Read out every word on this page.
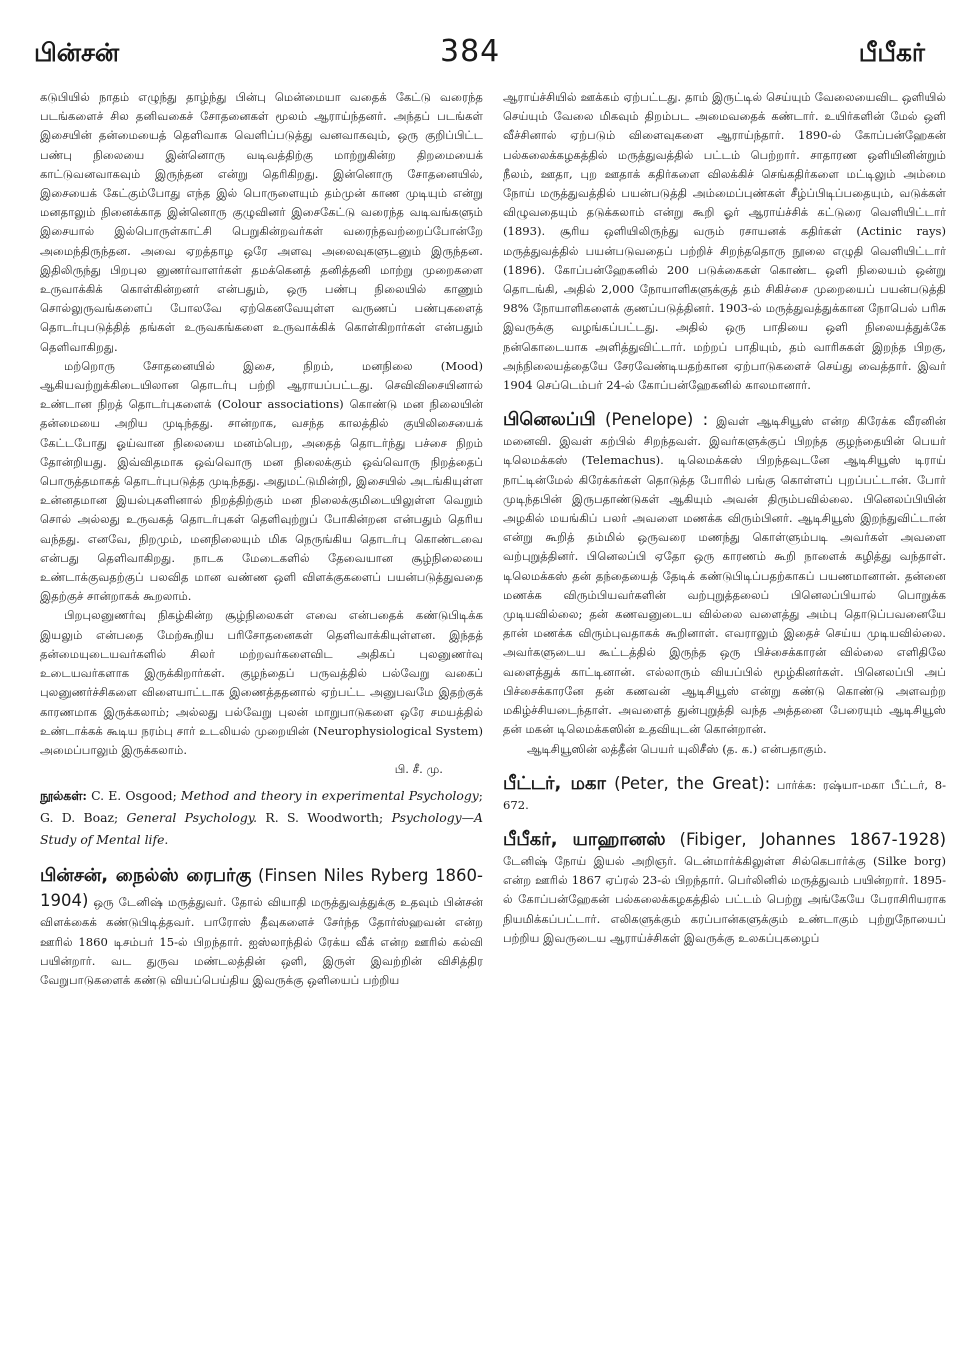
பின்சன்	384	பீபீகர்

கடுபியில் நாதம் எழுந்து தாழ்ந்து பின்பு மென்மையா வதைக் கேட்டு வரைந்த படங்களைச் சில தனிவகைச் சோதனைகள் மூலம் ஆராய்ந்தனர். அந்தப் படங்கள் இசையின் தன்மையைத் தெளிவாக வெளிப்படுத்து வனவாகவும், ஒரு குறிப்பிட்ட பண்பு நிலையை இன்னொரு வடிவத்திற்கு மாற்றுகின்ற திறமையைக் காட்டுவனவாகவும் இருந்தன என்று தெரிகிறது. இன்னொரு சோதனையில், இசையைக் கேட்கும்போது எந்த இல் பொருளையும் தம்முன் காண முடியும் என்று மனதாலும் நினைக்காத இன்னொரு குழுவினர் இசைகேட்டு வரைந்த வடிவங்களும் இசையால் இல்பொருள்காட்சி பெறுகின்றவர்கள் வரைந்தவற்றைப்போன்றே அமைந்திருந்தன. அவை ஏறத்தாழ ஒரே அளவு அலைவுகளுடனும் இருந்தன. இதிலிருந்து பிறபுல னுணர்வாளர்கள் தமக்கெனத் தனித்தனி மாற்று முறைகளை உருவாக்கிக் கொள்கின்றனர் என்பதும், ஒரு பண்பு நிலையில் காணும் சொல்லுருவங்களைப் போலவே ஏற்கெனவேயுள்ள வருணப் பண்புகளைத் தொடர்புபடுத்தித் தங்கள் உருவகங்களை உருவாக்கிக் கொள்கிறார்கள் என்பதும் தெளிவாகிறது.

மற்றொரு சோதனையில் இசை, நிறம், மனநிலை (Mood) ஆகியவற்றுக்கிடையிலான தொடர்பு பற்றி ஆராயப்பட்டது. செவிவிசையினால் உண்டான நிறத் தொடர்புகளைக் (Colour associations) கொண்டு மன நிலையின் தன்மையை அறிய முடிந்தது. சான்றாக, வசந்த காலத்தில் குயிலிசையைக் கேட்டபோது ஓய்வான நிலையை மனம்பெற, அதைத் தொடர்ந்து பச்சை நிறம் தோன்றியது. இவ்விதமாக ஒவ்வொரு மன நிலைக்கும் ஒவ்வொரு நிறத்தைப் பொருத்தமாகத் தொடர்புபடுத்த முடிந்தது. அதுமட்டுமின்றி, இசையில் அடங்கியுள்ள உன்னதமான இயல்புகளினால் நிறத்திற்கும் மன நிலைக்குமிடையிலுள்ள வெறும் சொல் அல்லது உருவகத் தொடர்புகள் தெளிவுற்றுப் போகின்றன என்பதும் தெரிய வந்தது. எனவே, நிறமும், மனநிலையும் மிக நெருங்கிய தொடர்பு கொண்டவை என்பது தெளிவாகிறது. நாடக மேடைகளில் தேவையான சூழ்நிலையை உண்டாக்குவதற்குப் பலவித மான வண்ண ஒளி விளக்குகளைப் பயன்படுத்துவதை இதற்குச் சான்றாகக் கூறலாம்.

பிறபுலனுணர்வு நிகழ்கின்ற சூழ்நிலைகள் எவை என்பதைக் கண்டுபிடிக்க இயலும் என்பதை மேற்கூறிய பரிசோதனைகள் தெளிவாக்கியுள்ளன. இந்தத் தன்மையுடையவர்களில் சிலர் மற்றவர்களைவிட அதிகப் புலனுணர்வு உடையவர்களாக இருக்கிறார்கள். குழந்தைப் பருவத்தில் பல்வேறு வகைப் புலனுணர்ச்சிகளை விளையாட்டாக இணைத்ததனால் ஏற்பட்ட அனுபவமே இதற்குக் காரணமாக இருக்கலாம்; அல்லது பல்வேறு புலன் மாறுபாடுகளை ஒரே சமயத்தில் உண்டாக்கக் கூடிய நரம்பு சார் உடலியல் முறையின் (Neurophysiological System) அமைப்பாலும் இருக்கலாம்.

பி. சீ. மு.
நூல்கள்: C. E. Osgood; Method and theory in experimental Psychology; G. D. Boaz; General Psychology. R. S. Woodworth; Psychology—A Study of Mental life.
பின்சன், நைல்ஸ் ரைபர்கு (Finsen Niles Ryberg 1860-1904) ஒரு டேனிஷ் மருத்துவர். தோல் வியாதி மருத்துவத்துக்கு உதவும் பின்சன் விளக்கைக் கண்டுபிடித்தவர். பாரோஸ் தீவுகளைச் சேர்ந்த தோர்ஸ்ஹவன் என்ற ஊரில் 1860 டிசம்பர் 15-ல் பிறந்தார். ஐஸ்லாந்தில் ரேக்ய வீக் என்ற ஊரில் கல்வி பயின்றார். வட துருவ மண்டலத்தின் ஒளி, இருள் இவற்றின் விசித்திர வேறுபாடுகளைக் கண்டு வியப்பெய்திய இவருக்கு ஒளியைப் பற்றிய

ஆராய்ச்சியில் ஊக்கம் ஏற்பட்டது. தாம் இருட்டில் செய்யும் வேலையைவிட ஒளியில் செய்யும் வேலை மிகவும் திறம்பட அமைவதைக் கண்டார். உயிர்களின் மேல் ஒளி வீச்சினால் ஏற்படும் விளைவுகளை ஆராய்ந்தார். 1890-ல் கோப்பன்ஹேகன் பல்கலைக்கழகத்தில் மருத்துவத்தில் பட்டம் பெற்றார். சாதாரண ஒளியினின்றும் நீலம், ஊதா, புற ஊதாக் கதிர்களை விலக்கிச் செங்கதிர்களை மட்டிலும் அம்மை நோய் மருத்துவத்தில் பயன்படுத்தி அம்மைப்புண்கள் சீழ்ப்பிடிப்பதையும், வடுக்கள் விழுவதையும் தடுக்கலாம் என்று கூறி ஓர் ஆராய்ச்சிக் கட்டுரை வெளியிட்டார் (1893). சூரிய ஒளியிலிருந்து வரும் ரசாயனக் கதிர்கள் (Actinic rays) மருத்துவத்தில் பயன்படுவதைப் பற்றிச் சிறந்ததொரு நூலை எழுதி வெளியிட்டார் (1896). கோப்பன்ஹேகனில் 200 படுக்கைகள் கொண்ட ஒளி நிலையம் ஒன்று தொடங்கி, அதில் 2,000 நோயாளிகளுக்குத் தம் சிகிச்சை முறையைப் பயன்படுத்தி 98% நோயாளிகளைக் குணப்படுத்தினர். 1903-ல் மருத்துவத்துக்கான நோபெல் பரிசு இவருக்கு வழங்கப்பட்டது. அதில் ஒரு பாதியை ஒளி நிலையத்துக்கே நன்கொடையாக அளித்துவிட்டார். மற்றப் பாதியும், தம் வாரிசுகள் இறந்த பிறகு, அந்நிலையத்தையே சேரவேண்டியதற்கான ஏற்பாடுகளைச் செய்து வைத்தார். இவர் 1904 செப்டெம்பர் 24-ல் கோப்பன்ஹேகனில் காலமானார்.

பினெலப்பி (Penelope) : இவள் ஆடிசியூஸ் என்ற கிரேக்க வீரனின் மனைவி. இவள் கற்பில் சிறந்தவள். இவர்களுக்குப் பிறந்த குழந்தையின் பெயர் டிலெமக்கஸ் (Telemachus). டிலெமக்கஸ் பிறந்தவுடனே ஆடிசியூஸ் டிராய் நாட்டின்மேல் கிரேக்கர்கள் தொடுத்த போரில் பங்கு கொள்ளப் புறப்பட்டான். போர் முடிந்தபின் இருபதாண்டுகள் ஆகியும் அவன் திரும்பவில்லை. பினெலப்பியின் அழகில் மயங்கிப் பலர் அவளை மணக்க விரும்பினர். ஆடிசியூஸ் இறந்துவிட்டான் என்று கூறித் தம்மில் ஒருவரை மணந்து கொள்ளும்படி அவர்கள் அவளை வற்புறுத்தினர். பினெலப்பி ஏதோ ஒரு காரணம் கூறி நாளைக் கழித்து வந்தாள். டிலெமக்கஸ் தன் தந்தையைத் தேடிக் கண்டுபிடிப்பதற்காகப் பயணமானான். தன்னை மணக்க விரும்பியவர்களின் வற்புறுத்தலைப் பினெலப்பியால் பொறுக்க முடியவில்லை; தன் கணவனுடைய வில்லை வளைத்து அம்பு தொடுப்பவனையே தான் மணக்க விரும்புவதாகக் கூறினாள். எவராலும் இதைச் செய்ய முடியவில்லை. அவர்களுடைய கூட்டத்தில் இருந்த ஒரு பிச்சைக்காரன் வில்லை எளிதிலே வளைத்துக் காட்டினான். எல்லாரும் வியப்பில் மூழ்கினர்கள். பினெலப்பி அப் பிச்சைக்காரனே தன் கணவன் ஆடிசியூஸ் என்று கண்டு கொண்டு அளவற்ற மகிழ்ச்சியடைந்தாள். அவளைத் துன்புறுத்தி வந்த அத்தனை பேரையும் ஆடிசியூஸ் தன் மகன் டிலெமக்கஸின் உதவியுடன் கொன்றான்.

ஆடிசியூஸின் லத்தீன் பெயர் யுலிசீஸ் (த. க.) என்பதாகும்.

பீட்டர், மகா (Peter, the Great): பார்க்க: ரஷ்யா-மகா பீட்டர், 8-672.
பீபீகர், யாஹானஸ் (Fibiger, Johannes 1867-1928) டேனிஷ் நோய் இயல் அறிஞர். டென்மார்க்கிலுள்ள சில்கெபார்க்கு (Silke borg) என்ற ஊரில் 1867 ஏப்ரல் 23-ல் பிறந்தார். பெர்லினில் மருத்துவம் பயின்றார். 1895-ல் கோப்பன்ஹேகன் பல்கலைக்கழகத்தில் பட்டம் பெற்று அங்கேயே பேராசிரியராக நியமிக்கப்பட்டார். எலிகளுக்கும் கரப்பான்களுக்கும் உண்டாகும் புற்றுநோயைப் பற்றிய இவருடைய ஆராய்ச்சிகள் இவருக்கு உலகப்புகழைப்
